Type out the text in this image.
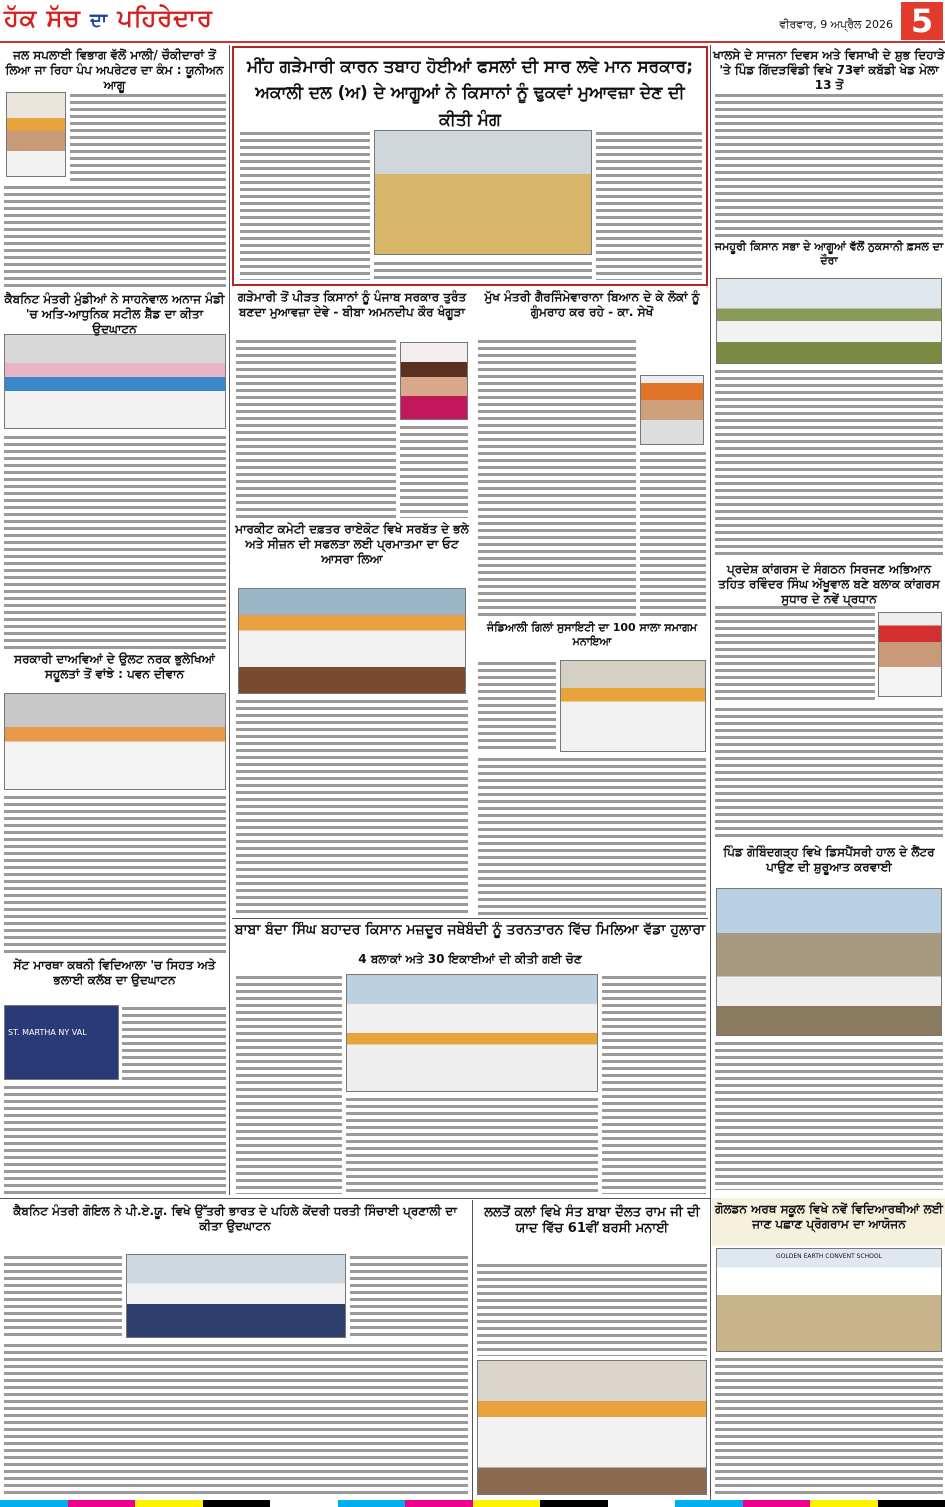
ਹੱਕ ਸੱਚ ਦਾ ਪਹਿਰੇਦਾਰ	ਵੀਰਵਾਰ, 9 ਅਪ੍ਰੈਲ 2026 5
ਜਲ ਸਪਲਾਈ ਵਿਭਾਗ ਵੱਲੋਂ ਮਾਲੀ/ ਚੌਕੀਦਾਰਾਂ ਤੋਂ ਲਿਆ ਜਾ ਰਿਹਾ ਪੰਪ ਅਪਰੇਟਰ ਦਾ ਕੰਮ : ਯੂਨੀਅਨ ਆਗੂ
ਕੈਬਨਿਟ ਮੰਤਰੀ ਮੁੰਡੀਆਂ ਨੇ ਸਾਹਨੇਵਾਲ ਅਨਾਜ ਮੰਡੀ 'ਚ ਅਤਿ-ਆਧੁਨਿਕ ਸਟੀਲ ਸ਼ੈੱਡ ਦਾ ਕੀਤਾ ਉਦਘਾਟਨ
ਸਰਕਾਰੀ ਦਾਅਵਿਆਂ ਦੇ ਉਲਟ ਨਰਕ ਭੁਲੇਖਿਆਂ ਸਹੂਲਤਾਂ ਤੋਂ ਵਾਂਝੇ : ਪਵਨ ਦੀਵਾਨ
ਸੇਂਟ ਮਾਰਥਾ ਕਥਨੀ ਵਿਦਿਆਲਾ 'ਚ ਸਿਹਤ ਅਤੇ ਭਲਾਈ ਕਲੱਬ ਦਾ ਉਦਘਾਟਨ
ST. MARTHA NY VAL
ਮੀਂਹ ਗੜੇਮਾਰੀ ਕਾਰਨ ਤਬਾਹ ਹੋਈਆਂ ਫਸਲਾਂ ਦੀ ਸਾਰ ਲਵੇ ਮਾਨ ਸਰਕਾਰ; ਅਕਾਲੀ ਦਲ (ਅ) ਦੇ ਆਗੂਆਂ ਨੇ ਕਿਸਾਨਾਂ ਨੂੰ ਢੁਕਵਾਂ ਮੁਆਵਜ਼ਾ ਦੇਣ ਦੀ ਕੀਤੀ ਮੰਗ
ਗੜੇਮਾਰੀ ਤੋਂ ਪੀੜਤ ਕਿਸਾਨਾਂ ਨੂੰ ਪੰਜਾਬ ਸਰਕਾਰ ਤੁਰੰਤ ਬਣਦਾ ਮੁਆਵਜ਼ਾ ਦੇਵੇ - ਬੀਬਾ ਅਮਨਦੀਪ ਕੌਰ ਖੰਗੂੜਾ
ਮੁੱਖ ਮੰਤਰੀ ਗੈਰਜਿੰਮੇਵਾਰਾਨਾ ਬਿਆਨ ਦੇ ਕੇ ਲੋਕਾਂ ਨੂੰ ਗੁੰਮਰਾਹ ਕਰ ਰਹੇ - ਕਾ. ਸੇਖੋਂ
ਮਾਰਕੀਟ ਕਮੇਟੀ ਦਫ਼ਤਰ ਰਾਏਕੋਟ ਵਿਖੇ ਸਰਬੱਤ ਦੇ ਭਲੇ ਅਤੇ ਸੀਜ਼ਨ ਦੀ ਸਫਲਤਾ ਲਈ ਪ੍ਰਮਾਤਮਾ ਦਾ ਓਟ ਆਸਰਾ ਲਿਆ
ਜੰਡਿਆਲੀ ਗਿਲਾਂ ਸੁਸਾਇਟੀ ਦਾ 100 ਸਾਲਾ ਸਮਾਗਮ ਮਨਾਇਆ
ਬਾਬਾ ਬੰਦਾ ਸਿੰਘ ਬਹਾਦਰ ਕਿਸਾਨ ਮਜ਼ਦੂਰ ਜਥੇਬੰਦੀ ਨੂੰ ਤਰਨਤਾਰਨ ਵਿੱਚ ਮਿਲਿਆ ਵੱਡਾ ਹੁਲਾਰਾ
4 ਬਲਾਕਾਂ ਅਤੇ 30 ਇਕਾਈਆਂ ਦੀ ਕੀਤੀ ਗਈ ਚੋਣ
ਖਾਲਸੇ ਦੇ ਸਾਜਨਾ ਦਿਵਸ ਅਤੇ ਵਿਸਾਖੀ ਦੇ ਸ਼ੁਭ ਦਿਹਾੜੇ 'ਤੇ ਪਿੰਡ ਗਿੱਦੜਵਿੰਡੀ ਵਿਖੇ 73ਵਾਂ ਕਬੱਡੀ ਖੇਡ ਮੇਲਾ 13 ਤੋਂ
ਜਮਹੂਰੀ ਕਿਸਾਨ ਸਭਾ ਦੇ ਆਗੂਆਂ ਵੱਲੋਂ ਨੁਕਸਾਨੀ ਫ਼ਸਲ ਦਾ ਦੌਰਾ
ਪ੍ਰਦੇਸ਼ ਕਾਂਗਰਸ ਦੇ ਸੰਗਠਨ ਸਿਰਜਣ ਅਭਿਆਨ ਤਹਿਤ ਰਵਿੰਦਰ ਸਿੰਘ ਅੱਖੂਵਾਲ ਬਣੇ ਬਲਾਕ ਕਾਂਗਰਸ ਸੁਧਾਰ ਦੇ ਨਵੇਂ ਪ੍ਰਧਾਨ
ਪਿੰਡ ਗੋਬਿੰਦਗੜ੍ਹ ਵਿਖੇ ਡਿਸਪੈਂਸਰੀ ਹਾਲ ਦੇ ਲੈਂਟਰ ਪਾਉਣ ਦੀ ਸ਼ੁਰੂਆਤ ਕਰਵਾਈ
ਗੋਲਡਨ ਅਰਥ ਸਕੂਲ ਵਿਖੇ ਨਵੇਂ ਵਿਦਿਆਰਥੀਆਂ ਲਈ ਜਾਣ ਪਛਾਣ ਪ੍ਰੋਗਰਾਮ ਦਾ ਆਯੋਜਨ
GOLDEN EARTH CONVENT SCHOOL
ਕੈਬਨਿਟ ਮੰਤਰੀ ਗੋਇਲ ਨੇ ਪੀ.ਏ.ਯੂ. ਵਿਖੇ ਉੱਤਰੀ ਭਾਰਤ ਦੇ ਪਹਿਲੇ ਕੇਂਦਰੀ ਧਰਤੀ ਸਿੰਚਾਈ ਪ੍ਰਣਾਲੀ ਦਾ ਕੀਤਾ ਉਦਘਾਟਨ
ਲਲਤੋਂ ਕਲਾਂ ਵਿਖੇ ਸੰਤ ਬਾਬਾ ਦੌਲਤ ਰਾਮ ਜੀ ਦੀ ਯਾਦ ਵਿੱਚ 61ਵੀਂ ਬਰਸੀ ਮਨਾਈ
